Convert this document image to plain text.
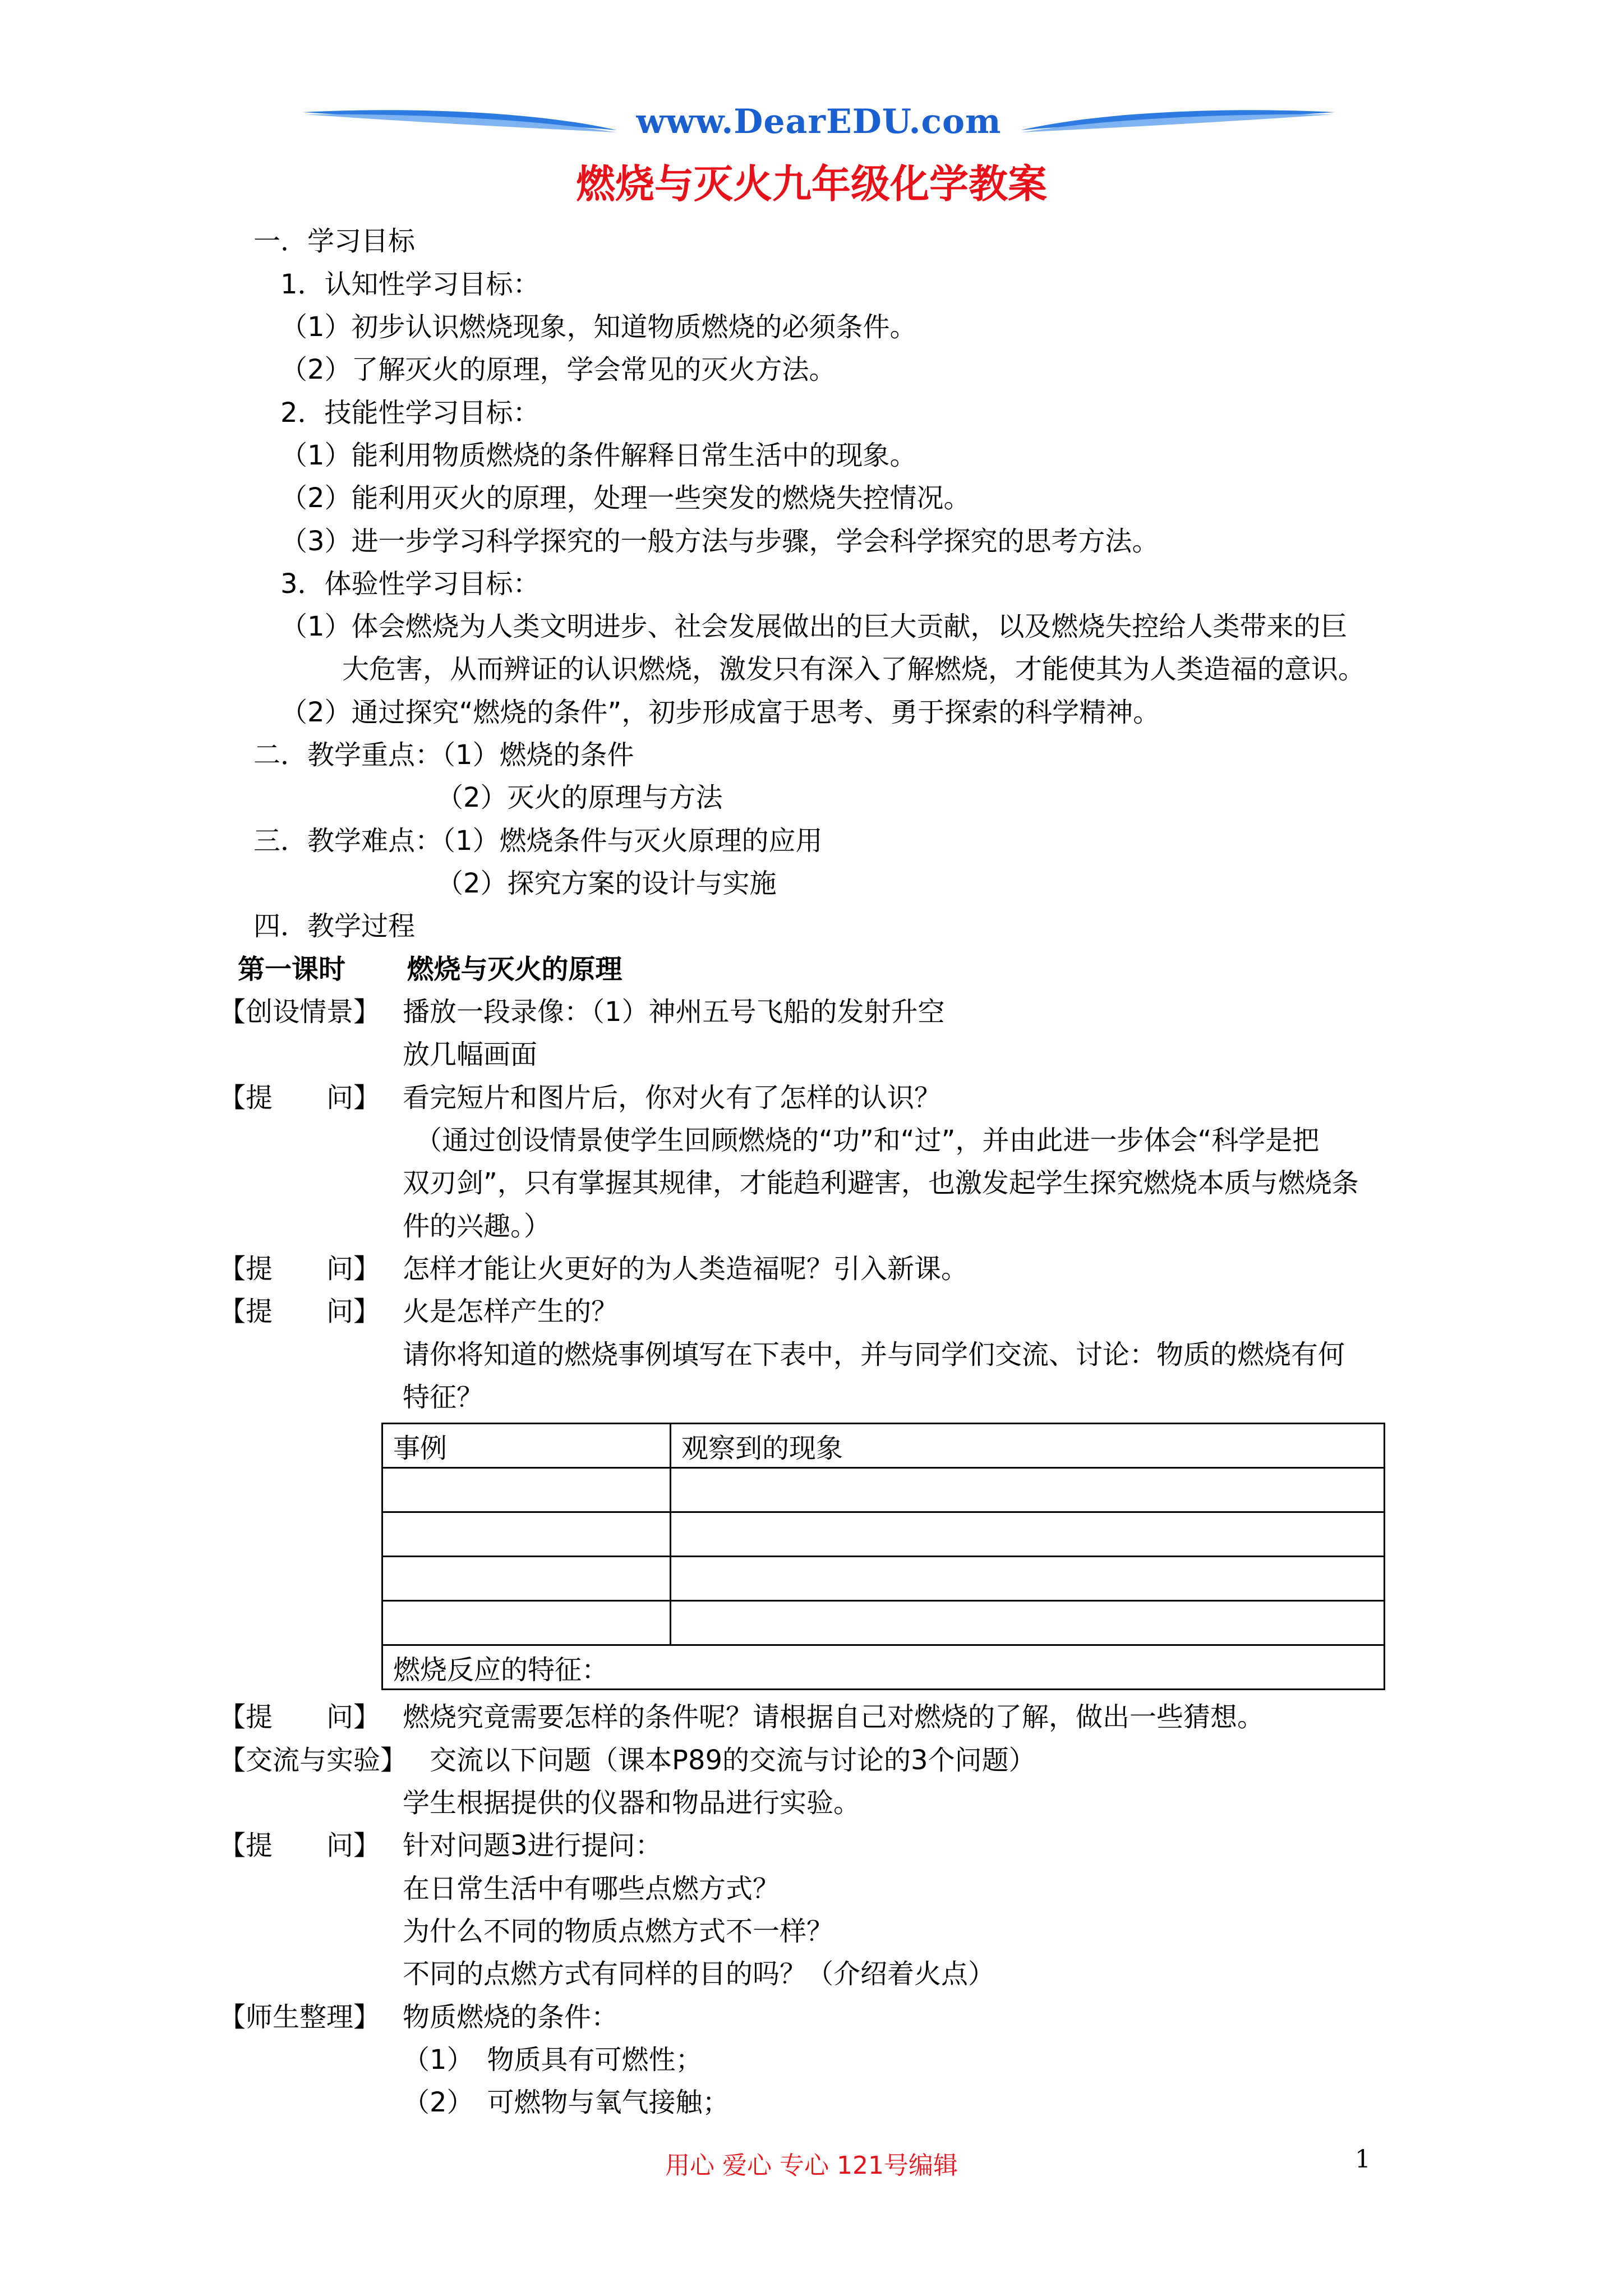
www.DearEDU.com
燃烧与灭火九年级化学教案
一．学习目标
1．认知性学习目标：
（1）初步认识燃烧现象，知道物质燃烧的必须条件。
（2）了解灭火的原理，学会常见的灭火方法。
2．技能性学习目标：
（1）能利用物质燃烧的条件解释日常生活中的现象。
（2）能利用灭火的原理，处理一些突发的燃烧失控情况。
（3）进一步学习科学探究的一般方法与步骤，学会科学探究的思考方法。
3．体验性学习目标：
（1）体会燃烧为人类文明进步、社会发展做出的巨大贡献，以及燃烧失控给人类带来的巨
大危害，从而辨证的认识燃烧，激发只有深入了解燃烧，才能使其为人类造福的意识。
（2）通过探究“燃烧的条件”，初步形成富于思考、勇于探索的科学精神。
二．教学重点：（1）燃烧的条件
（2）灭火的原理与方法
三．教学难点：（1）燃烧条件与灭火原理的应用
（2）探究方案的设计与实施
四．教学过程
第一课时 燃烧与灭火的原理
【创设情景】 播放一段录像：（1）神州五号飞船的发射升空
放几幅画面
【提　　问】 看完短片和图片后，你对火有了怎样的认识？
（通过创设情景使学生回顾燃烧的“功”和“过”，并由此进一步体会“科学是把
双刃剑”，只有掌握其规律，才能趋利避害，也激发起学生探究燃烧本质与燃烧条
件的兴趣。）
【提　　问】 怎样才能让火更好的为人类造福呢？引入新课。
【提　　问】 火是怎样产生的？
请你将知道的燃烧事例填写在下表中，并与同学们交流、讨论：物质的燃烧有何
特征？
事例	观察到的现象

燃烧反应的特征：	
【提　　问】 燃烧究竟需要怎样的条件呢？请根据自己对燃烧的了解，做出一些猜想。
【交流与实验】 交流以下问题（课本P89的交流与讨论的3个问题）
学生根据提供的仪器和物品进行实验。
【提　　问】 针对问题3进行提问：
在日常生活中有哪些点燃方式？
为什么不同的物质点燃方式不一样？
不同的点燃方式有同样的目的吗？（介绍着火点）
【师生整理】 物质燃烧的条件：
（1）　物质具有可燃性；
（2）　可燃物与氧气接触；
用心 爱心 专心 121号编辑	1
